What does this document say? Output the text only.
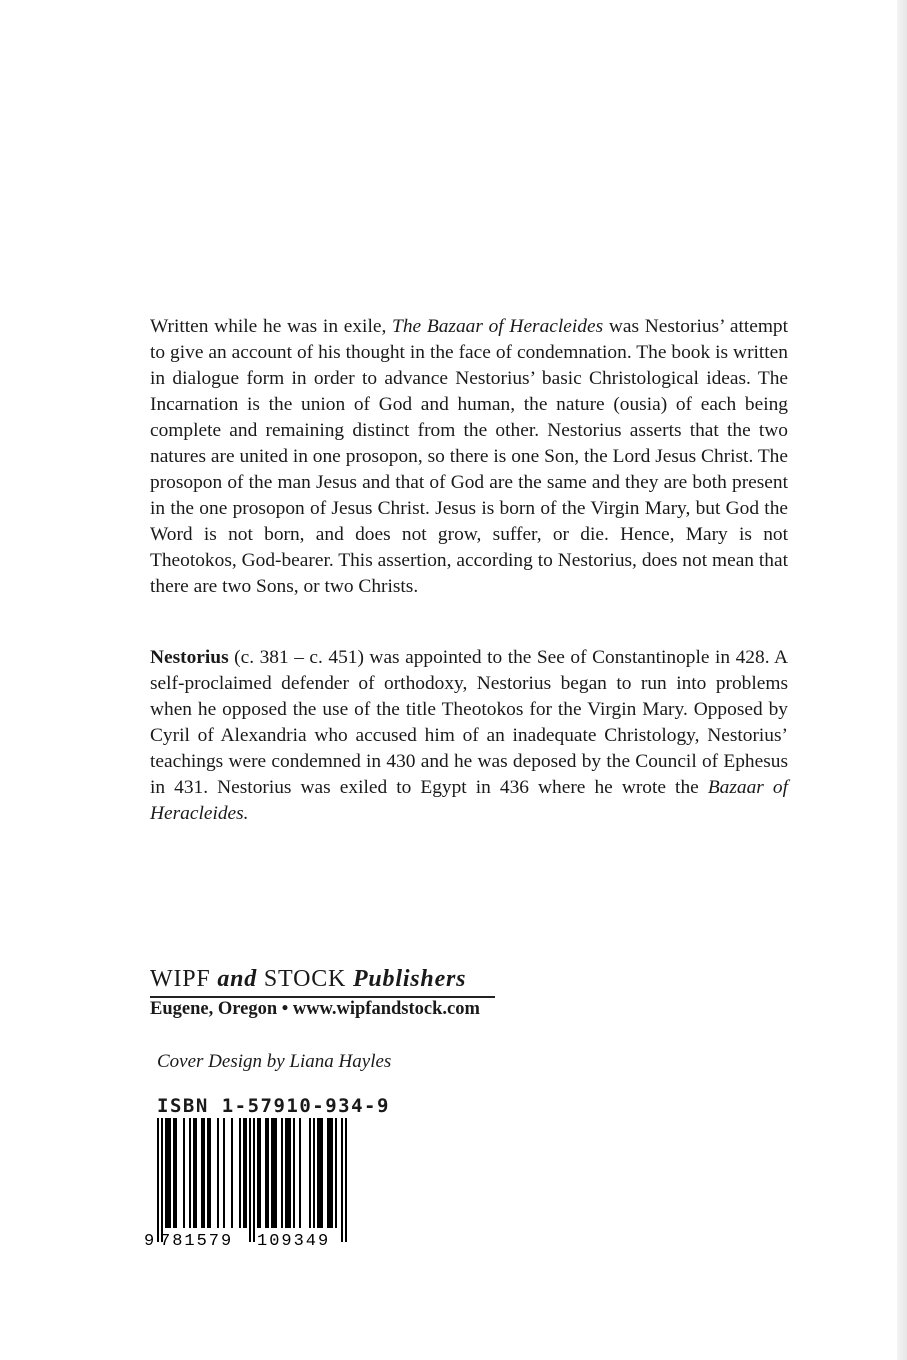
Written while he was in exile, The Bazaar of Heracleides was Nestorius’ attempt to give an account of his thought in the face of condemnation. The book is written in dialogue form in order to advance Nestorius’ basic Christological ideas. The Incarnation is the union of God and human, the nature (ousia) of each being complete and remaining distinct from the other. Nestorius asserts that the two natures are united in one prosopon, so there is one Son, the Lord Jesus Christ. The prosopon of the man Jesus and that of God are the same and they are both present in the one prosopon of Jesus Christ. Jesus is born of the Virgin Mary, but God the Word is not born, and does not grow, suffer, or die. Hence, Mary is not Theotokos, God-bearer. This assertion, according to Nestorius, does not mean that there are two Sons, or two Christs.

Nestorius (c. 381 – c. 451) was appointed to the See of Constantinople in 428. A self-proclaimed defender of orthodoxy, Nestorius began to run into problems when he opposed the use of the title Theotokos for the Virgin Mary. Opposed by Cyril of Alexandria who accused him of an inadequate Christology, Nestorius’ teachings were condemned in 430 and he was deposed by the Council of Ephesus in 431. Nestorius was exiled to Egypt in 436 where he wrote the Bazaar of Heracleides.

WIPF and STOCK Publishers
Eugene, Oregon • www.wipfandstock.com
Cover Design by Liana Hayles
ISBN 1-57910-934-9
9 781579 109349
